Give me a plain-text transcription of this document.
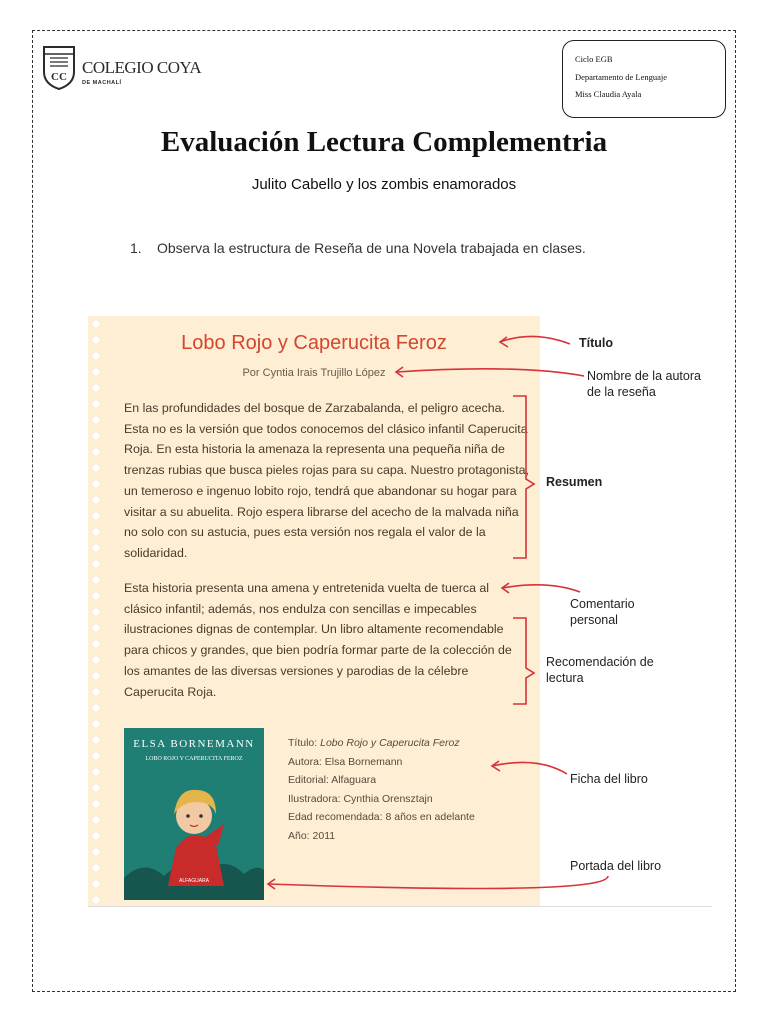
CC COLEGIO COYA
DE MACHALÍ
Ciclo EGB
Departamento de Lenguaje
Miss Claudia Ayala
Evaluación Lectura Complementria
Julito Cabello y los zombis enamorados
1. Observa la estructura de Reseña de una Novela trabajada en clases.
Lobo Rojo y Caperucita Feroz
Por Cyntia Irais Trujillo López
En las profundidades del bosque de Zarzabalanda, el peligro acecha. Esta no es la versión que todos conocemos del clásico infantil Caperucita Roja. En esta historia la amenaza la representa una pequeña niña de trenzas rubias que busca pieles rojas para su capa. Nuestro protagonista, un temeroso e ingenuo lobito rojo, tendrá que abandonar su hogar para visitar a su abuelita. Rojo espera librarse del acecho de la malvada niña no solo con su astucia, pues esta versión nos regala el valor de la solidaridad.
Esta historia presenta una amena y entretenida vuelta de tuerca al clásico infantil; además, nos endulza con sencillas e impecables ilustraciones dignas de contemplar. Un libro altamente recomendable para chicos y grandes, que bien podría formar parte de la colección de los amantes de las diversas versiones y parodias de la célebre Caperucita Roja.
ELSA BORNEMANN
LOBO ROJO Y CAPERUCITA FEROZ
ALFAGUARA
Título: Lobo Rojo y Caperucita Feroz
Autora: Elsa Bornemann
Editorial: Alfaguara
Ilustradora: Cynthia Orensztajn
Edad recomendada: 8 años en adelante
Año: 2011
Título
Nombre de la autora de la reseña
Resumen
Comentario personal
Recomendación de lectura
Ficha del libro
Portada del libro
